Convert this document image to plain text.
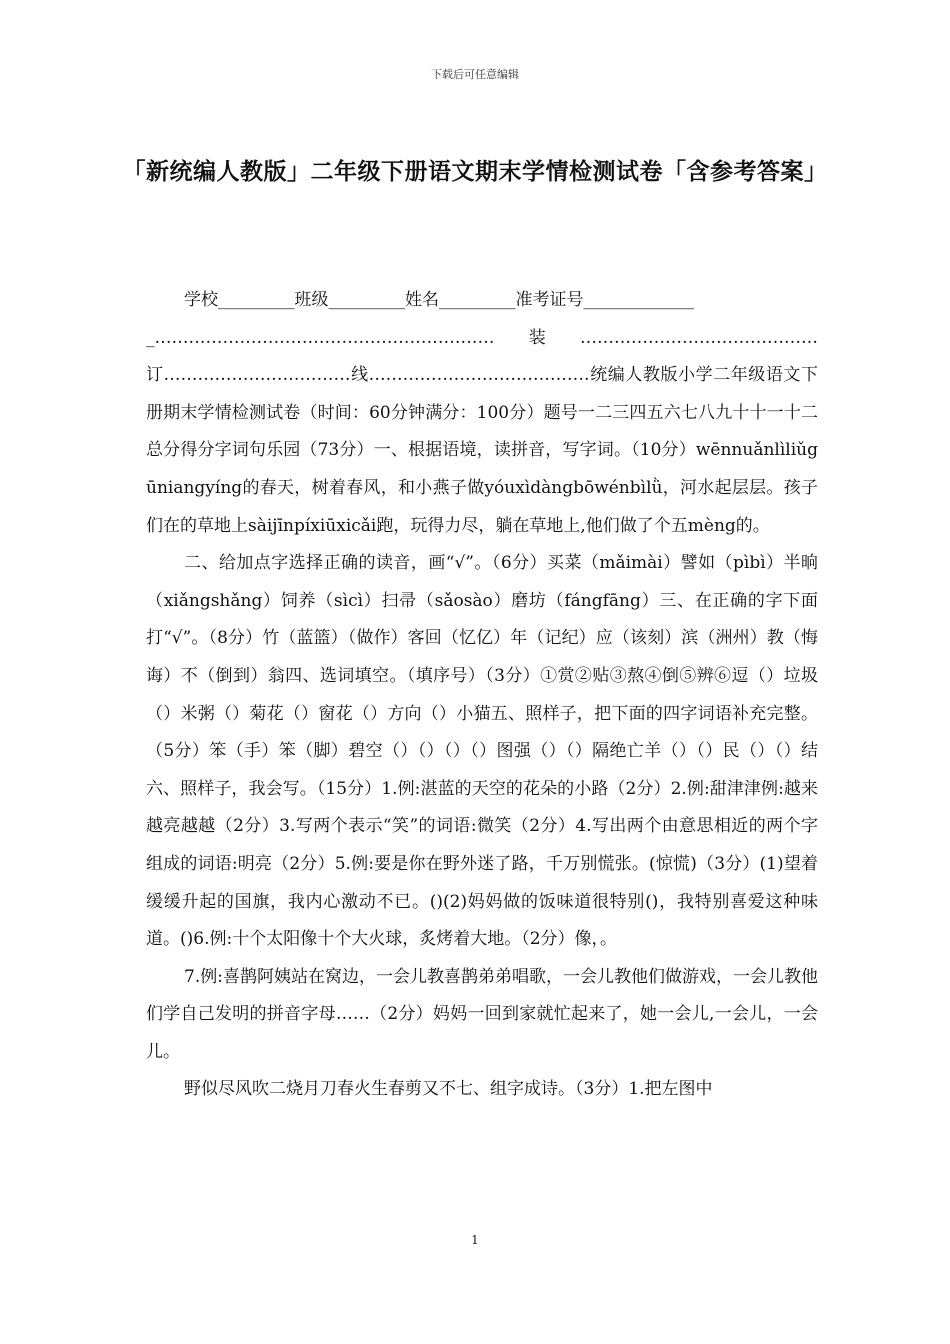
下载后可任意编辑
「新统编人教版」二年级下册语文期末学情检测试卷「含参考答案」

学校_________班级_________姓名_________准考证号_____________

_……………………………………………………装……………………………………订……………………………线…………………………………统编人教版小学二年级语文下册期末学情检测试卷（时间：60分钟满分：100分）题号一二三四五六七八九十十一十二总分得分字词句乐园（73分）一、根据语境，读拼音，写字词。（10分）wēnnuǎnlìliǔgūniangyíng的春天，树着春风，和小燕子做yóuxìdàngbōwénbìlǜ，河水起层层。孩子们在的草地上sàijīnpíxiūxicǎi跑，玩得力尽，躺在草地上,他们做了个五mèng的。

二、给加点字选择正确的读音，画“√”。（6分）买菜（mǎimài）譬如（pìbì）半晌（xiǎngshǎng）饲养（sìcì）扫帚（sǎosào）磨坊（fángfāng）三、在正确的字下面打“√”。（8分）竹（蓝篮）（做作）客回（忆亿）年（记纪）应（该刻）滨（洲州）教（悔诲）不（倒到）翁四、选词填空。（填序号）（3分）①赏②贴③熬④倒⑤辨⑥逗（）垃圾（）米粥（）菊花（）窗花（）方向（）小猫五、照样子，把下面的四字词语补充完整。（5分）笨（手）笨（脚）碧空（）（）（）（）图强（）（）隔绝亡羊（）（）民（）（）结六、照样子，我会写。（15分）1.例:湛蓝的天空的花朵的小路（2分）2.例:甜津津例:越来越亮越越（2分）3.写两个表示“笑”的词语:微笑（2分）4.写出两个由意思相近的两个字组成的词语:明亮（2分）5.例:要是你在野外迷了路，千万别慌张。(惊慌)（3分）(1)望着缓缓升起的国旗，我内心激动不已。()(2)妈妈做的饭味道很特别()，我特别喜爱这种味道。()6.例:十个太阳像十个大火球，炙烤着大地。（2分）像，。

7.例:喜鹊阿姨站在窝边，一会儿教喜鹊弟弟唱歌，一会儿教他们做游戏，一会儿教他们学自己发明的拼音字母……（2分）妈妈一回到家就忙起来了，她一会儿,一会儿，一会儿。

野似尽风吹二烧月刀春火生春剪又不七、组字成诗。（3分）1.把左图中

1
